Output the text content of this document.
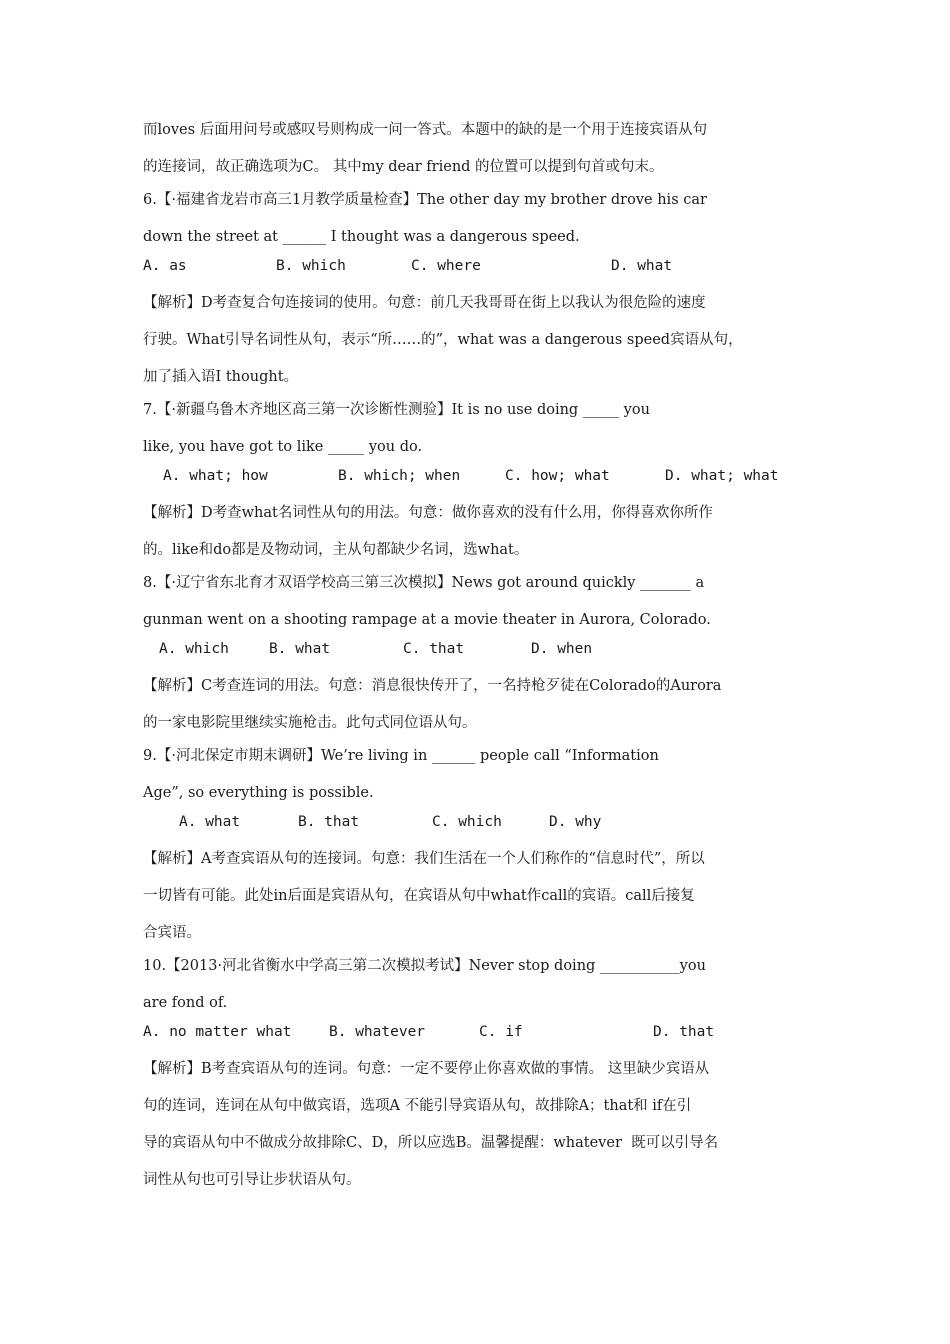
而loves 后面用问号或感叹号则构成一问一答式。本题中的缺的是一个用于连接宾语从句

的连接词，故正确选项为C。 其中my dear friend 的位置可以提到句首或句末。

6.【·福建省龙岩市高三1月教学质量检查】The other day my brother drove his car

down the street at ______ I thought was a dangerous speed.

A. as	B. which	C. where	D. what

【解析】D考查复合句连接词的使用。句意：前几天我哥哥在街上以我认为很危险的速度

行驶。What引导名词性从句，表示“所……的”，what was a dangerous speed宾语从句，

加了插入语I thought。

7.【·新疆乌鲁木齐地区高三第一次诊断性测验】It is no use doing _____ you

like, you have got to like _____ you do.

A. what; how	B. which; when	C. how; what	D. what; what

【解析】D考查what名词性从句的用法。句意：做你喜欢的没有什么用，你得喜欢你所作

的。like和do都是及物动词，主从句都缺少名词，选what。

8.【·辽宁省东北育才双语学校高三第三次模拟】News got around quickly _______ a

gunman went on a shooting rampage at a movie theater in Aurora, Colorado.

A. which	B. what	C. that	D. when

【解析】C考查连词的用法。句意：消息很快传开了，一名持枪歹徒在Colorado的Aurora

的一家电影院里继续实施枪击。此句式同位语从句。

9.【·河北保定市期末调研】We’re living in ______ people call “Information

Age”, so everything is possible.

A. what	B. that	C. which	D. why

【解析】A考查宾语从句的连接词。句意：我们生活在一个人们称作的“信息时代”，所以

一切皆有可能。此处in后面是宾语从句，在宾语从句中what作call的宾语。call后接复

合宾语。

10.【2013·河北省衡水中学高三第二次模拟考试】Never stop doing ___________you

are fond of.

A. no matter what	B. whatever	C. if	D. that

【解析】B考查宾语从句的连词。句意：一定不要停止你喜欢做的事情。 这里缺少宾语从

句的连词，连词在从句中做宾语，选项A 不能引导宾语从句，故排除A；that和 if在引

导的宾语从句中不做成分故排除C、D，所以应选B。温馨提醒：whatever  既可以引导名

词性从句也可引导让步状语从句。
